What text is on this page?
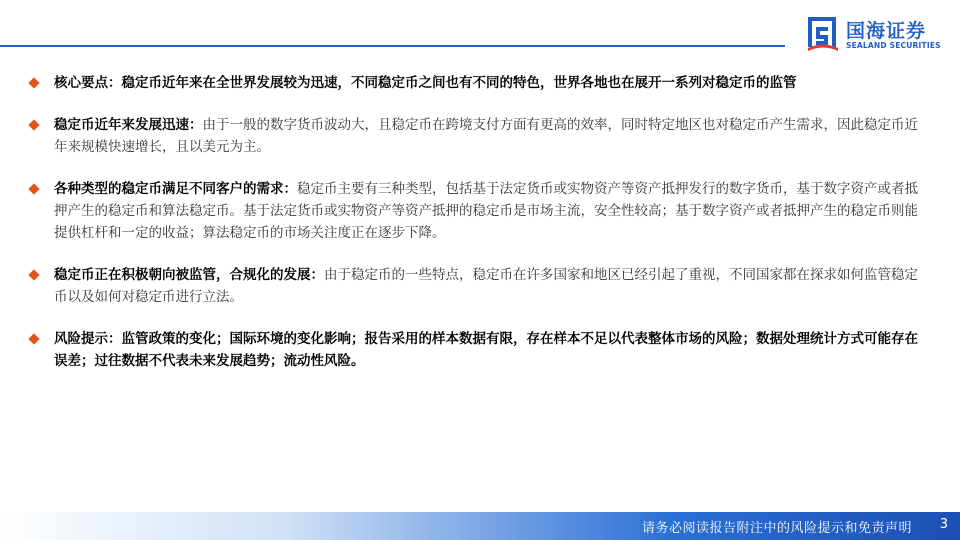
国海证券
SEALAND SECURITIES
核心要点：稳定币近年来在全世界发展较为迅速，不同稳定币之间也有不同的特色，世界各地也在展开一系列对稳定币的监管
稳定币近年来发展迅速：由于一般的数字货币波动大，且稳定币在跨境支付方面有更高的效率，同时特定地区也对稳定币产生需求，因此稳定币近年来规模快速增长，且以美元为主。
各种类型的稳定币满足不同客户的需求：稳定币主要有三种类型，包括基于法定货币或实物资产等资产抵押发行的数字货币，基于数字资产或者抵押产生的稳定币和算法稳定币。基于法定货币或实物资产等资产抵押的稳定币是市场主流，安全性较高；基于数字资产或者抵押产生的稳定币则能提供杠杆和一定的收益；算法稳定币的市场关注度正在逐步下降。
稳定币正在积极朝向被监管，合规化的发展：由于稳定币的一些特点，稳定币在许多国家和地区已经引起了重视，不同国家都在探求如何监管稳定币以及如何对稳定币进行立法。
风险提示：监管政策的变化；国际环境的变化影响；报告采用的样本数据有限，存在样本不足以代表整体市场的风险；数据处理统计方式可能存在误差；过往数据不代表未来发展趋势；流动性风险。
请务必阅读报告附注中的风险提示和免责声明 3
